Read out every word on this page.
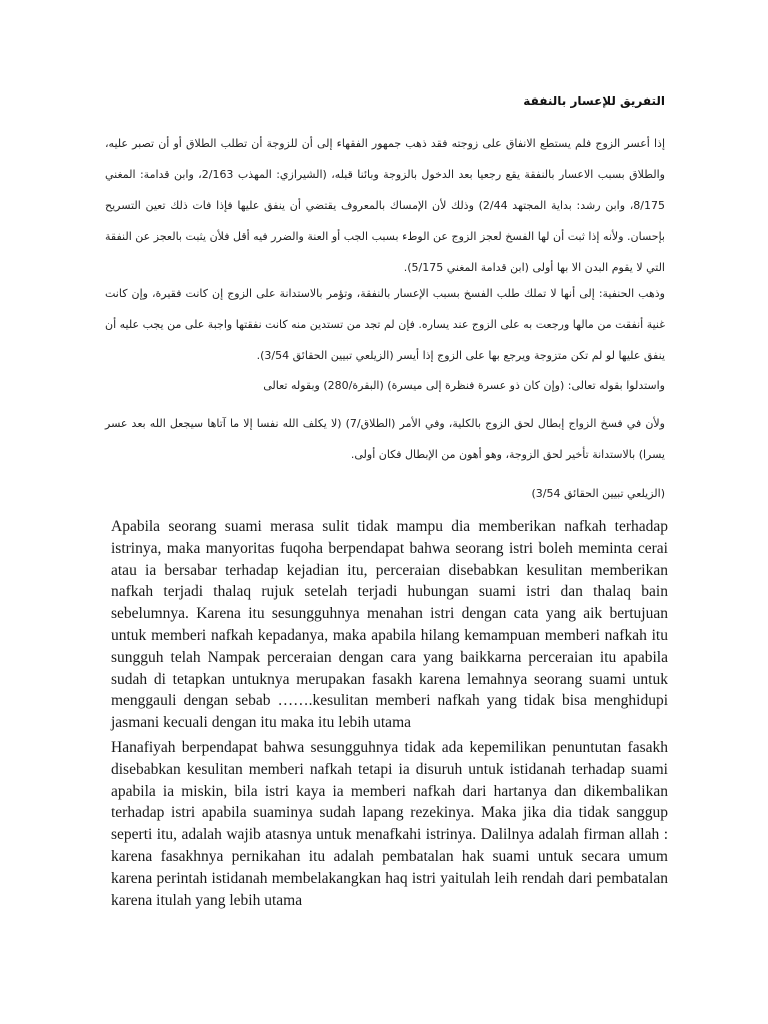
التفريق للإعسار بالنفقة

إذا أعسر الزوج فلم يستطع الانفاق على زوجته فقد ذهب جمهور الفقهاء إلى أن للزوجة أن تطلب الطلاق أو أن تصبر عليه، والطلاق بسبب الاعسار بالنفقة يقع رجعيا بعد الدخول بالزوجة وبائنا قبله، (الشيرازي: المهذب 2/163، وابن قدامة: المغني 8/175، وابن رشد: بداية المجتهد 2/44) وذلك لأن الإمساك بالمعروف يقتضي أن ينفق عليها فإذا فات ذلك تعين التسريح بإحسان. ولأنه إذا ثبت أن لها الفسخ لعجز الزوج عن الوطء بسبب الجب أو العنة والضرر فيه أقل فلأن يثبت بالعجز عن النفقة التي لا يقوم البدن الا بها أولى (ابن قدامة المغني 5/175).

وذهب الحنفية: إلى أنها لا تملك طلب الفسخ بسبب الإعسار بالنفقة، وتؤمر بالاستدانة على الزوج إن كانت فقيرة، وإن كانت غنية أنفقت من مالها ورجعت به على الزوج عند يساره. فإن لم تجد من تستدين منه كانت نفقتها واجبة على من يجب عليه أن ينفق عليها لو لم تكن متزوجة ويرجع بها على الزوج إذا أيسر (الزيلعي تبيين الحقائق 3/54).

واستدلوا بقوله تعالى: (وإن كان ذو عسرة فنظرة إلى ميسرة) (البقرة/280) وبقوله تعالى

ولأن في فسخ الزواج إبطال لحق الزوج بالكلية، وفي الأمر (الطلاق/7) (لا يكلف الله نفسا إلا ما آتاها سيجعل الله بعد عسر يسرا) بالاستدانة تأخير لحق الزوجة، وهو أهون من الإبطال فكان أولى.

(الزيلعي تبيين الحقائق 3/54)

Apabila seorang suami merasa sulit tidak mampu dia memberikan nafkah terhadap istrinya, maka manyoritas fuqoha berpendapat bahwa seorang istri boleh meminta cerai atau ia bersabar terhadap kejadian itu, perceraian disebabkan kesulitan memberikan nafkah terjadi thalaq rujuk setelah terjadi hubungan suami istri dan thalaq bain sebelumnya. Karena itu sesungguhnya menahan istri dengan cata yang aik bertujuan untuk memberi nafkah kepadanya, maka apabila hilang kemampuan memberi nafkah itu sungguh telah Nampak perceraian dengan cara yang baikkarna perceraian itu apabila sudah di tetapkan untuknya merupakan fasakh karena lemahnya seorang suami untuk menggauli dengan sebab …….kesulitan memberi nafkah yang tidak bisa menghidupi jasmani kecuali dengan itu maka itu lebih utama

Hanafiyah berpendapat bahwa sesungguhnya tidak ada kepemilikan penuntutan fasakh disebabkan kesulitan memberi nafkah tetapi ia disuruh untuk istidanah terhadap suami apabila ia miskin, bila istri kaya ia memberi nafkah dari hartanya dan dikembalikan terhadap istri apabila suaminya sudah lapang rezekinya. Maka jika dia tidak sanggup seperti itu, adalah wajib atasnya untuk menafkahi istrinya. Dalilnya adalah firman allah : karena fasakhnya pernikahan itu adalah pembatalan hak suami untuk secara umum karena perintah istidanah membelakangkan haq istri yaitulah leih rendah dari pembatalan karena itulah yang lebih utama
